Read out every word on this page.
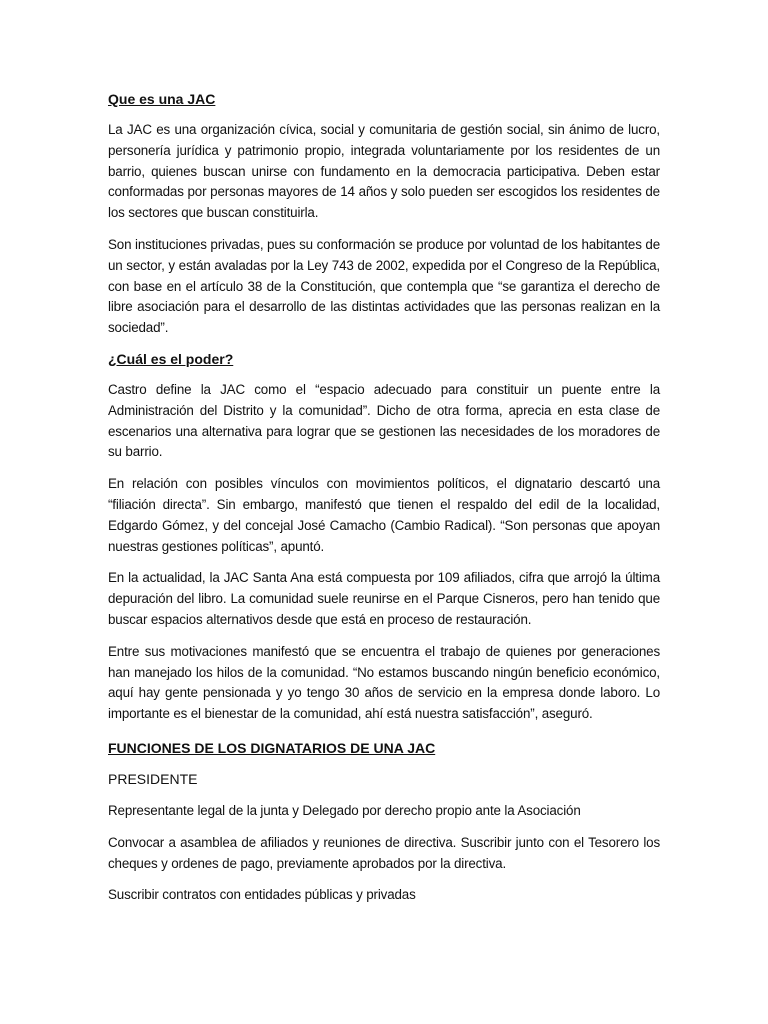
Que es una JAC

La JAC es una organización cívica, social y comunitaria de gestión social, sin ánimo de lucro, personería jurídica y patrimonio propio, integrada voluntariamente por los residentes de un barrio, quienes buscan unirse con fundamento en la democracia participativa. Deben estar conformadas por personas mayores de 14 años y solo pueden ser escogidos los residentes de los sectores que buscan constituirla.

Son instituciones privadas, pues su conformación se produce por voluntad de los habitantes de un sector, y están avaladas por la Ley 743 de 2002, expedida por el Congreso de la República, con base en el artículo 38 de la Constitución, que contempla que “se garantiza el derecho de libre asociación para el desarrollo de las distintas actividades que las personas realizan en la sociedad”.

¿Cuál es el poder?

Castro define la JAC como el “espacio adecuado para constituir un puente entre la Administración del Distrito y la comunidad”. Dicho de otra forma, aprecia en esta clase de escenarios una alternativa para lograr que se gestionen las necesidades de los moradores de su barrio.

En relación con posibles vínculos con movimientos políticos, el dignatario descartó una “filiación directa”. Sin embargo, manifestó que tienen el respaldo del edil de la localidad, Edgardo Gómez, y del concejal José Camacho (Cambio Radical). “Son personas que apoyan nuestras gestiones políticas”, apuntó.

En la actualidad, la JAC Santa Ana está compuesta por 109 afiliados, cifra que arrojó la última depuración del libro. La comunidad suele reunirse en el Parque Cisneros, pero han tenido que buscar espacios alternativos desde que está en proceso de restauración.

Entre sus motivaciones manifestó que se encuentra el trabajo de quienes por generaciones han manejado los hilos de la comunidad. “No estamos buscando ningún beneficio económico, aquí hay gente pensionada y yo tengo 30 años de servicio en la empresa donde laboro. Lo importante es el bienestar de la comunidad, ahí está nuestra satisfacción”, aseguró.

FUNCIONES DE LOS DIGNATARIOS DE UNA JAC

PRESIDENTE

Representante legal de la junta y Delegado por derecho propio ante la Asociación

Convocar a asamblea de afiliados y reuniones de directiva. Suscribir junto con el Tesorero los cheques y ordenes de pago, previamente aprobados por la directiva.

Suscribir contratos con entidades públicas y privadas
